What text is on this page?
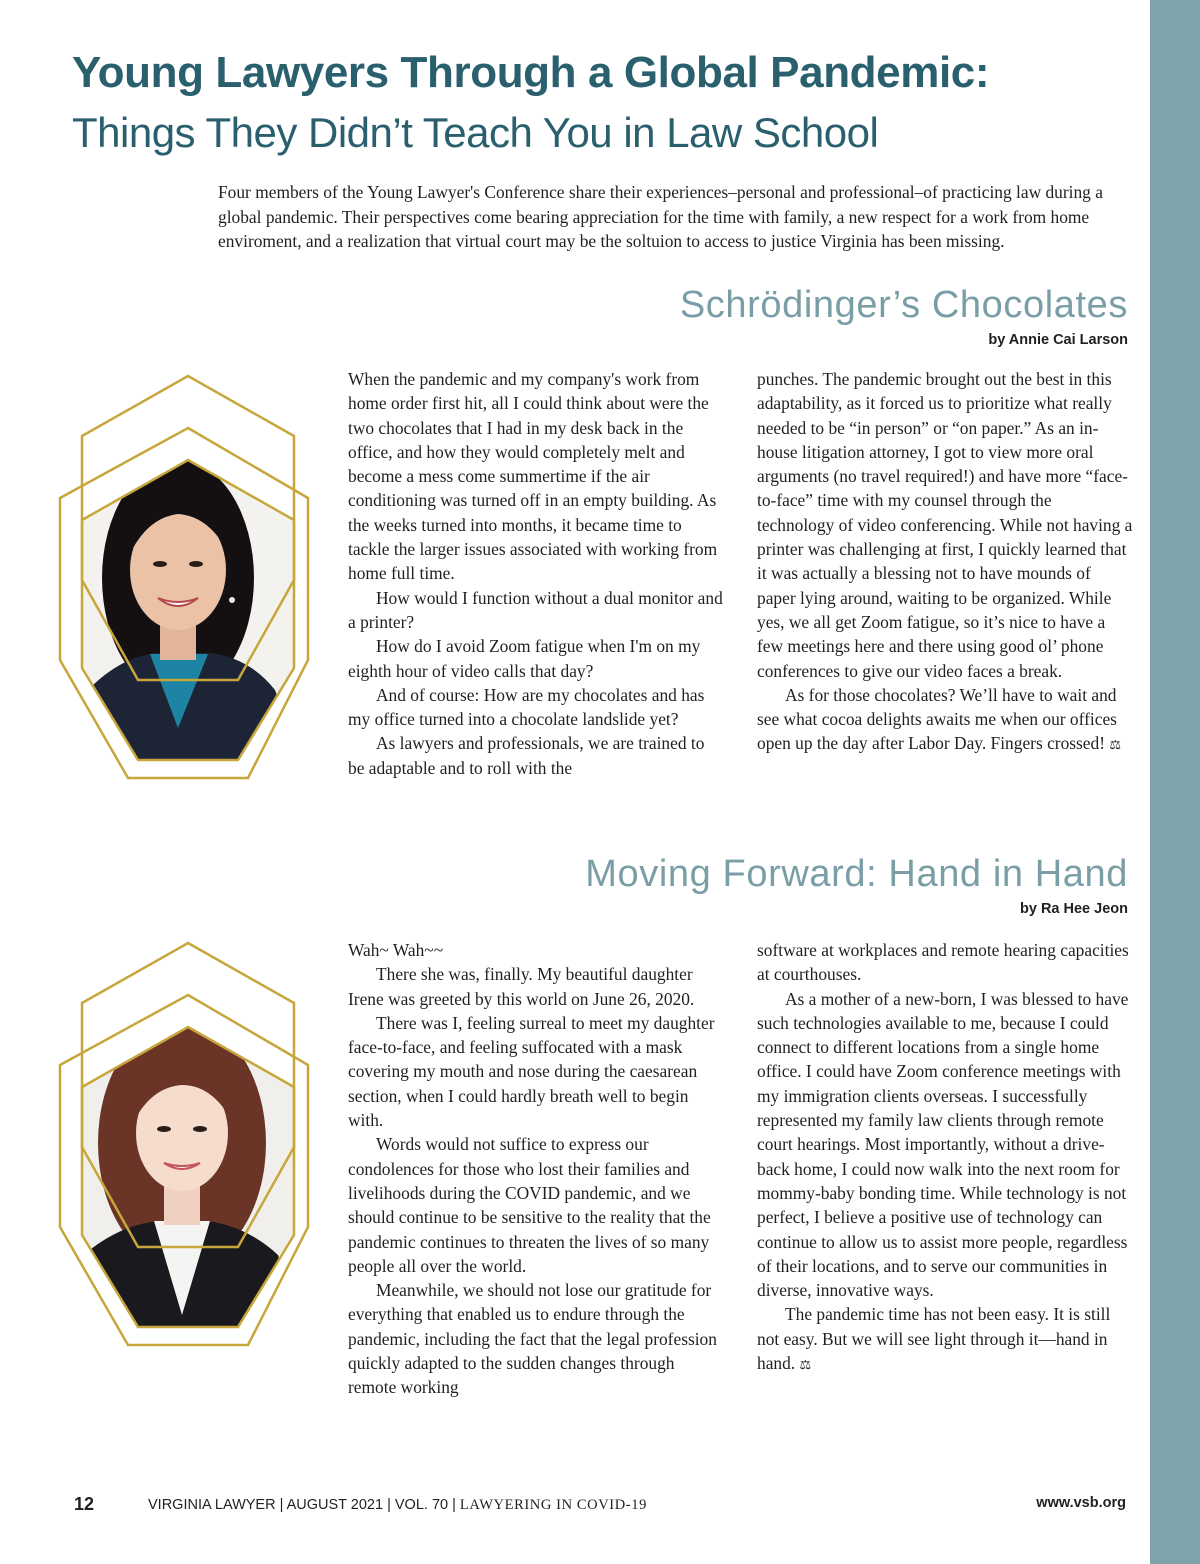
Young Lawyers Through a Global Pandemic:
Things They Didn’t Teach You in Law School

Four members of the Young Lawyer's Conference share their experiences–personal and professional–of practicing law during a global pandemic. Their perspectives come bearing appreciation for the time with family, a new respect for a work from home enviroment, and a realization that virtual court may be the soltuion to access to justice Virginia has been missing.

Schrödinger’s Chocolates
by Annie Cai Larson

When the pandemic and my company's work from home order first hit, all I could think about were the two chocolates that I had in my desk back in the office, and how they would completely melt and become a mess come summertime if the air conditioning was turned off in an empty building. As the weeks turned into months, it became time to tackle the larger issues associated with working from home full time.

How would I function without a dual monitor and a printer?

How do I avoid Zoom fatigue when I'm on my eighth hour of video calls that day?

And of course: How are my chocolates and has my office turned into a chocolate landslide yet?

As lawyers and professionals, we are trained to be adaptable and to roll with the

punches. The pandemic brought out the best in this adaptability, as it forced us to prioritize what really needed to be “in person” or “on paper.” As an in-house litigation attorney, I got to view more oral arguments (no travel required!) and have more “face-to-face” time with my counsel through the technology of video conferencing. While not having a printer was challenging at first, I quickly learned that it was actually a blessing not to have mounds of paper lying around, waiting to be organized. While yes, we all get Zoom fatigue, so it’s nice to have a few meetings here and there using good ol’ phone conferences to give our video faces a break.

As for those chocolates? We’ll have to wait and see what cocoa delights awaits me when our offices open up the day after Labor Day. Fingers crossed! ⚖

Moving Forward: Hand in Hand
by Ra Hee Jeon

Wah~ Wah~~

There she was, finally. My beautiful daughter Irene was greeted by this world on June 26, 2020.

There was I, feeling surreal to meet my daughter face-to-face, and feeling suffocated with a mask covering my mouth and nose during the caesarean section, when I could hardly breath well to begin with.

Words would not suffice to express our condolences for those who lost their families and livelihoods during the COVID pandemic, and we should continue to be sensitive to the reality that the pandemic continues to threaten the lives of so many people all over the world.

Meanwhile, we should not lose our gratitude for everything that enabled us to endure through the pandemic, including the fact that the legal profession quickly adapted to the sudden changes through remote working

software at workplaces and remote hearing capacities at courthouses.

As a mother of a new-born, I was blessed to have such technologies available to me, because I could connect to different locations from a single home office. I could have Zoom conference meetings with my immigration clients overseas. I successfully represented my family law clients through remote court hearings. Most importantly, without a drive-back home, I could now walk into the next room for mommy-baby bonding time. While technology is not perfect, I believe a positive use of technology can continue to allow us to assist more people, regardless of their locations, and to serve our communities in diverse, innovative ways.

The pandemic time has not been easy. It is still not easy. But we will see light through it—hand in hand. ⚖

12	VIRGINIA LAWYER | AUGUST 2021 | VOL. 70 | LAWYERING IN COVID-19	www.vsb.org
